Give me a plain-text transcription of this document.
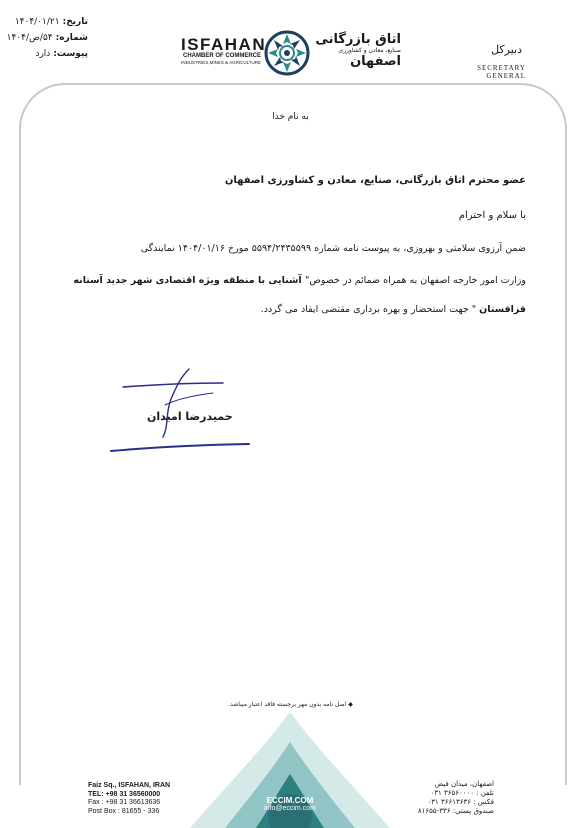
تاریخ:
۱۴۰۴/۰۱/۲۱
شماره:
۵۴/ص/۱۴۰۴
پیوست:
دارد	ISFAHAN
CHAMBER OF COMMERCE
INDUSTRIES,MINES & AGRICULTURE
اتاق بازرگانی
صنایع، معادن و کشاورزی
اصفهان
دبیرکل
SECRETARY GENERAL
به نام خدا
عضو محترم اتاق بازرگانی، صنایع، معادن و کشاورزی اصفهان
با سلام و احترام
ضمن آرزوی سلامتی و بهروزی، به پیوست نامه شماره ۵۵۹۴/۲۴۳۵۵۹۹ مورخ ۱۴۰۴/۰۱/۱۶ نمایندگی
وزارت امور خارجه اصفهان به همراه ضمائم در خصوص" آشنایی با منطقه ویژه اقتصادی شهر جدید آستانه
قزاقستان " جهت استحضار و بهره برداری مقتضی ایفاد می گردد.
حمیدرضا امیدان
◆ اصل نامه بدون مهر برجسته فاقد اعتبار میباشد.
ECCIM.COM
info@eccim.com
Faiz Sq., ISFAHAN, IRAN
TEL: +98 31 36560000
Fax : +98 31 36613636
Post Box : 81655 - 336
اصفهان، میدان فیض
تلفن : ۳۶۵۶۰۰۰۰ ۰۳۱
فکس : ۳۶۶۱۳۶۳۶ ۰۳۱
صندوق پستی: ۳۳۶-۸۱۶۵۵
